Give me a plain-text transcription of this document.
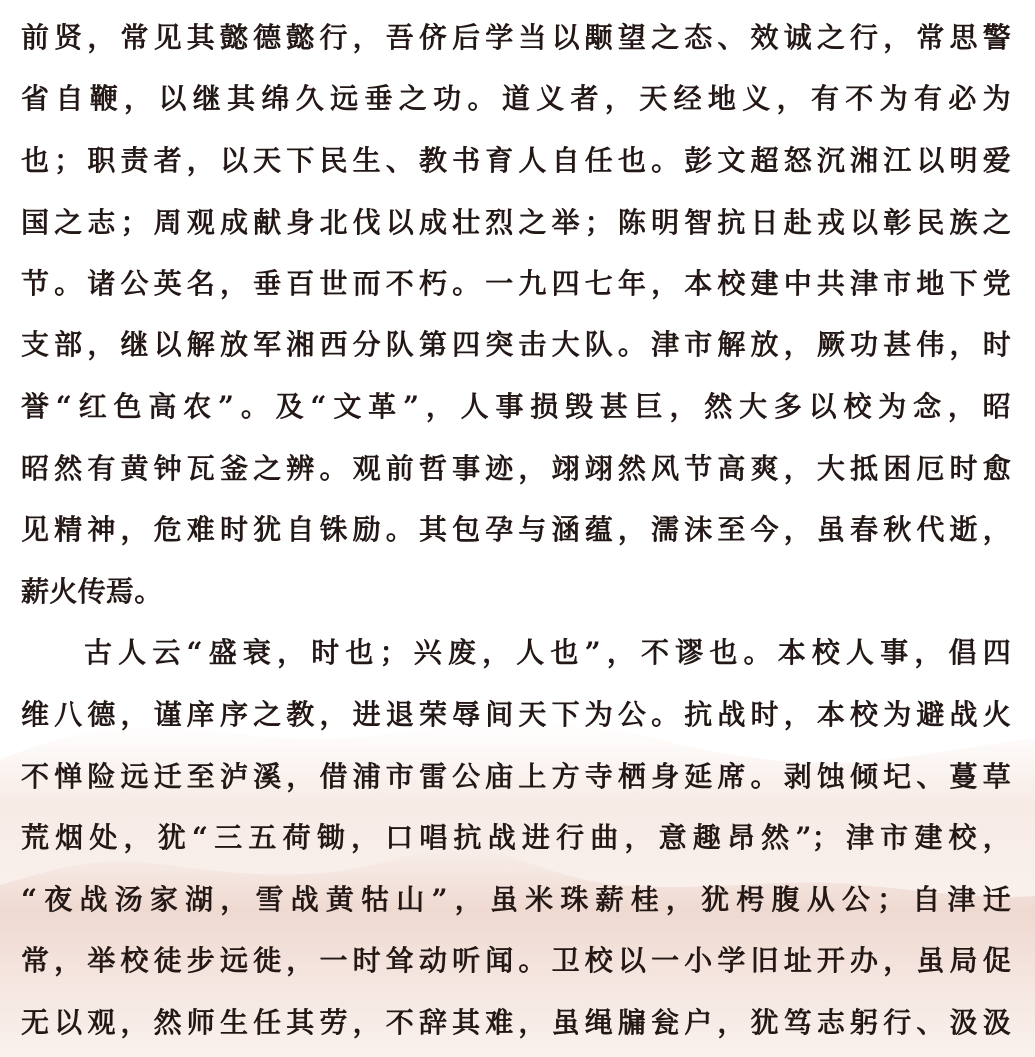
前贤，常见其懿德懿行，吾侪后学当以颙望之态、效诚之行，常思警
省自鞭，以继其绵久远垂之功。道义者，天经地义，有不为有必为
也；职责者，以天下民生、教书育人自任也。彭文超怒沉湘江以明爱
国之志；周观成献身北伐以成壮烈之举；陈明智抗日赴戎以彰民族之
节。诸公英名，垂百世而不朽。一九四七年，本校建中共津市地下党
支部，继以解放军湘西分队第四突击大队。津市解放，厥功甚伟，时
誉“红色高农”。及“文革”，人事损毁甚巨，然大多以校为念，昭
昭然有黄钟瓦釜之辨。观前哲事迹，翊翊然风节高爽，大抵困厄时愈
见精神，危难时犹自铢励。其包孕与涵蕴，濡沫至今，虽春秋代逝，
薪火传焉。
古人云“盛衰，时也；兴废，人也”，不谬也。本校人事，倡四
维八德，谨庠序之教，进退荣辱间天下为公。抗战时，本校为避战火
不惮险远迁至泸溪，借浦市雷公庙上方寺栖身延席。剥蚀倾圮、蔓草
荒烟处，犹“三五荷锄，口唱抗战进行曲，意趣昂然”；津市建校，
“夜战汤家湖，雪战黄牯山”，虽米珠薪桂，犹枵腹从公；自津迁
常，举校徒步远徙，一时耸动听闻。卫校以一小学旧址开办，虽局促
无以观，然师生任其劳，不辞其难，虽绳牖瓮户，犹笃志躬行、汲汲
